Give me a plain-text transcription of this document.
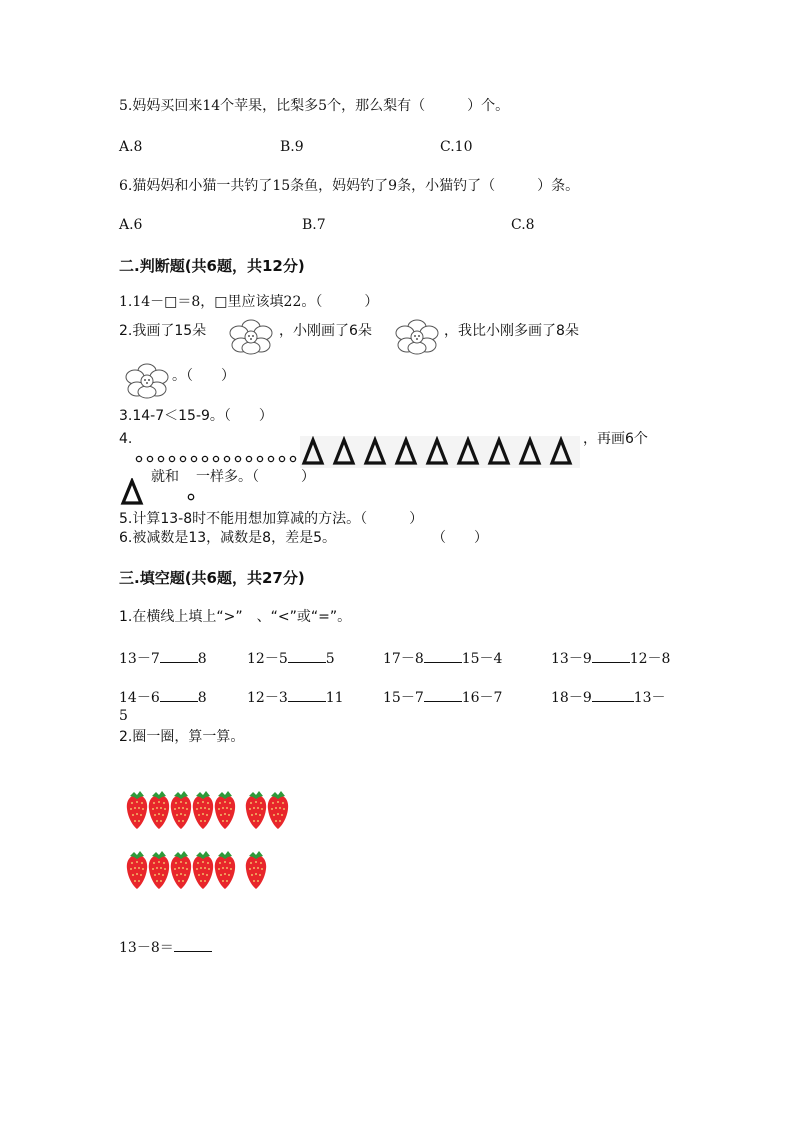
5.妈妈买回来14个苹果，比梨多5个，那么梨有（　　　）个。
A.8	B.9	C.10
6.猫妈妈和小猫一共钓了15条鱼，妈妈钓了9条，小猫钓了（　　　）条。
A.6	B.7	C.8
二.判断题(共6题，共12分)
1.14－□＝8，□里应该填22。（　　　）
2.我画了15朵	，小刚画了6朵	，我比小刚多画了8朵
。（　　）
3.14-7＜15-9。（　　）
4.	，再画6个
就和 一样多。（　　　）
5.计算13-8时不能用想加算减的方法。（　　　）
6.被减数是13，减数是8，差是5。	（　　）
三.填空题(共6题，共27分)
1.在横线上填上“>”　、“<”或“=”。
13－7	8	12－5	5	17－8	15－4	13－9	12－8
14－6	8	12－3	11	15－7	16－7	18－9	13－
5
2.圈一圈，算一算。
13－8＝
